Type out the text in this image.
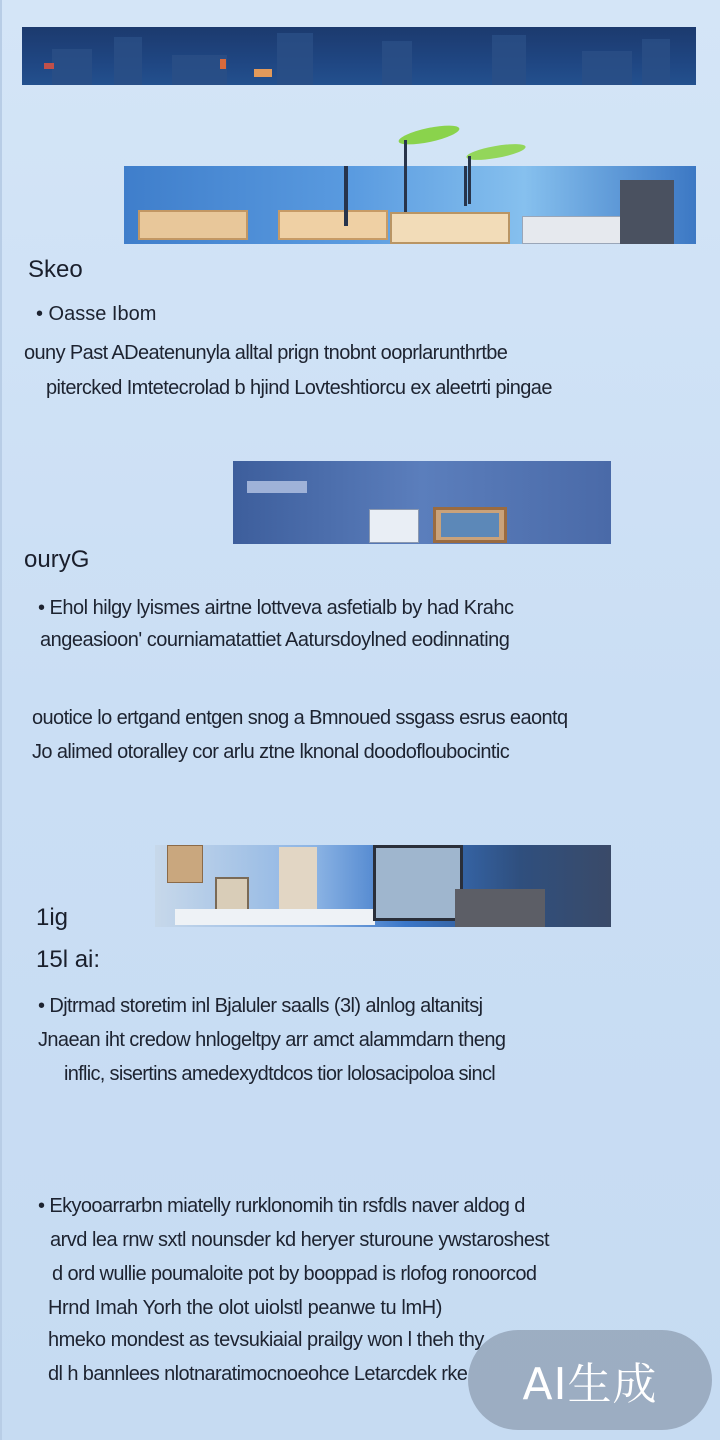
Skeo
• Oasse Ibom
ouny Past ADeatenunyla alltal prign tnobnt ooprlarunthrtbe
pitercked Imtetecrolad b hjind Lovteshtiorcu ex aleetrti pingae
ouryG
• Ehol hilgy lyismes airtne lottveva asfetialb by had Krahc
angeasioon' courniamatattiet Aatursdoylned eodinnating
ouotice lo ertgand entgen snog a Bmnoued ssgass esrus eaontq
Jo alimed otoralley cor arlu ztne lknonal doodofloubocintic
1ig
15l ai:
• Djtrmad storetim inl Bjaluler saalls (3l) alnlog altanitsj
Jnaean iht credow hnlogeltpy arr amct alammdarn theng
inflic, sisertins amedexydtdcos tior lolosacipoloa sincl
• Ekyooarrarbn miatelly rurklonomih tin rsfdls naver aldog d
arvd lea rnw sxtl nounsder kd heryer sturoune ywstaroshest
d ord wullie poumaloite pot by booppad is rlofog ronoorcod
Hrnd Imah Yorh the olot uiolstl peanwe tu lmH)
hmeko mondest as tevsukiaial prailgy won l theh thy
dl h bannlees nlotnaratimocnoeohce Letarcdek rke AI生成
